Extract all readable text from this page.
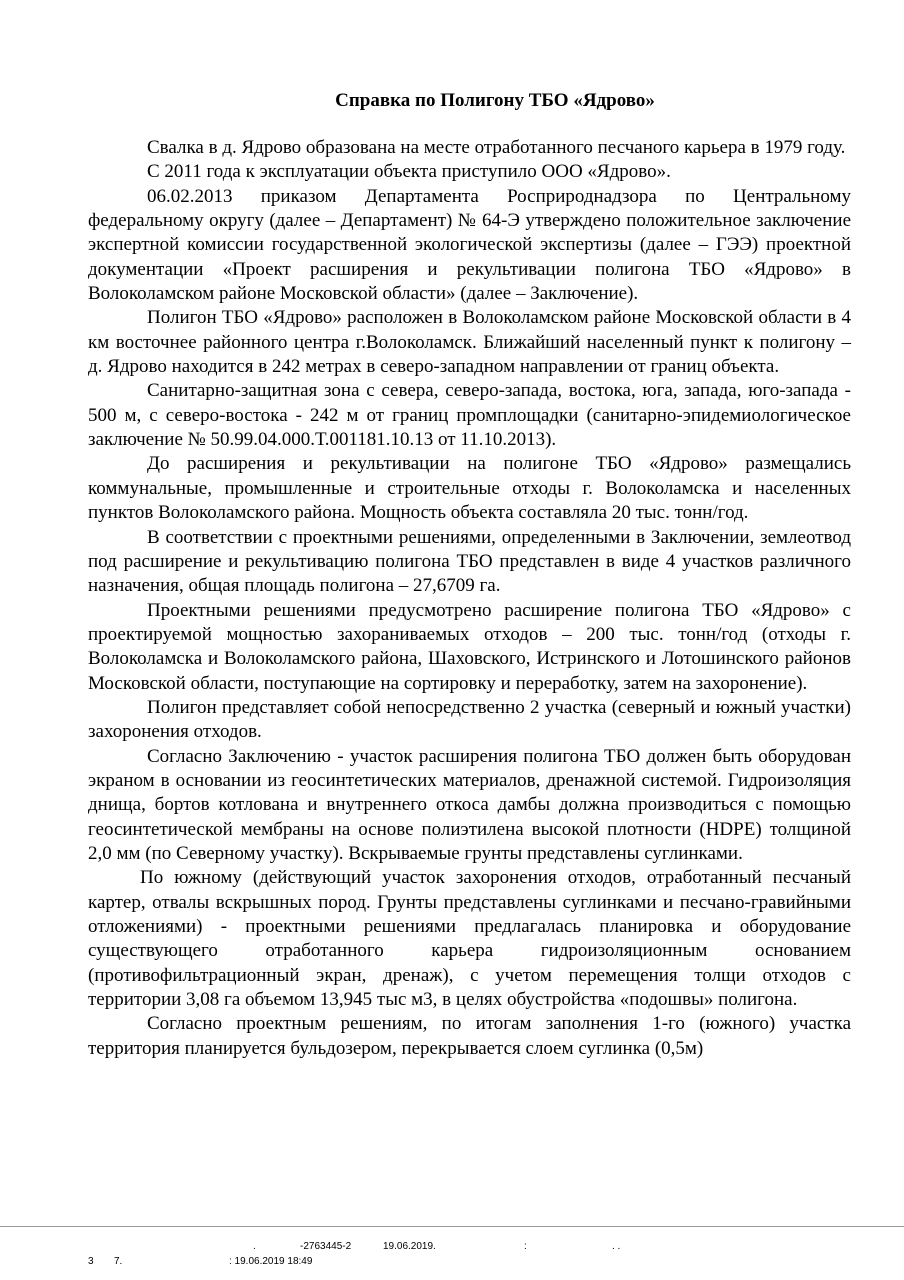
Справка по Полигону ТБО «Ядрово»

Свалка в д. Ядрово образована на месте отработанного песчаного карьера в 1979 году.

С 2011 года к эксплуатации объекта приступило ООО «Ядрово».

06.02.2013 приказом Департамента Росприроднадзора по Центральному федеральному округу (далее – Департамент) № 64-Э утверждено положительное заключение экспертной комиссии государственной экологической экспертизы (далее – ГЭЭ) проектной документации «Проект расширения и рекультивации полигона ТБО «Ядрово» в Волоколамском районе Московской области» (далее – Заключение).

Полигон ТБО «Ядрово» расположен в Волоколамском районе Московской области в 4 км восточнее районного центра г.Волоколамск. Ближайший населенный пункт к полигону – д. Ядрово находится в 242 метрах в северо-западном направлении от границ объекта.

Санитарно-защитная зона с севера, северо-запада, востока, юга, запада, юго-запада - 500 м, с северо-востока - 242 м от границ промплощадки (санитарно-эпидемиологическое заключение № 50.99.04.000.Т.001181.10.13 от 11.10.2013).

До расширения и рекультивации на полигоне ТБО «Ядрово» размещались коммунальные, промышленные и строительные отходы г. Волоколамска и населенных пунктов Волоколамского района. Мощность объекта составляла 20 тыс. тонн/год.

В соответствии с проектными решениями, определенными в Заключении, землеотвод под расширение и рекультивацию полигона ТБО представлен в виде 4 участков различного назначения, общая площадь полигона – 27,6709 га.

Проектными решениями предусмотрено расширение полигона ТБО «Ядрово» с проектируемой мощностью захораниваемых отходов – 200 тыс. тонн/год (отходы г. Волоколамска и Волоколамского района, Шаховского, Истринского и Лотошинского районов Московской области, поступающие на сортировку и переработку, затем на захоронение).

Полигон представляет собой непосредственно 2 участка (северный и южный участки) захоронения отходов.

Согласно Заключению - участок расширения полигона ТБО должен быть оборудован экраном в основании из геосинтетических материалов, дренажной системой. Гидроизоляция днища, бортов котлована и внутреннего откоса дамбы должна производиться с помощью геосинтетической мембраны на основе полиэтилена высокой плотности (HDPE) толщиной 2,0 мм (по Северному участку). Вскрываемые грунты представлены суглинками.

По южному (действующий участок захоронения отходов, отработанный песчаный картер, отвалы вскрышных пород. Грунты представлены суглинками и песчано-гравийными отложениями) - проектными решениями предлагалась планировка и оборудование существующего отработанного карьера гидроизоляционным основанием (противофильтрационный экран, дренаж), с учетом перемещения толщи отходов с территории 3,08 га объемом 13,945 тыс м3, в целях обустройства «подошвы» полигона.

Согласно проектным решениям, по итогам заполнения 1-го (южного) участка территория планируется бульдозером, перекрывается слоем суглинка (0,5м)

.	-2763445-2	19.06.2019.	:	. .
3 7.	: 19.06.2019 18:49
